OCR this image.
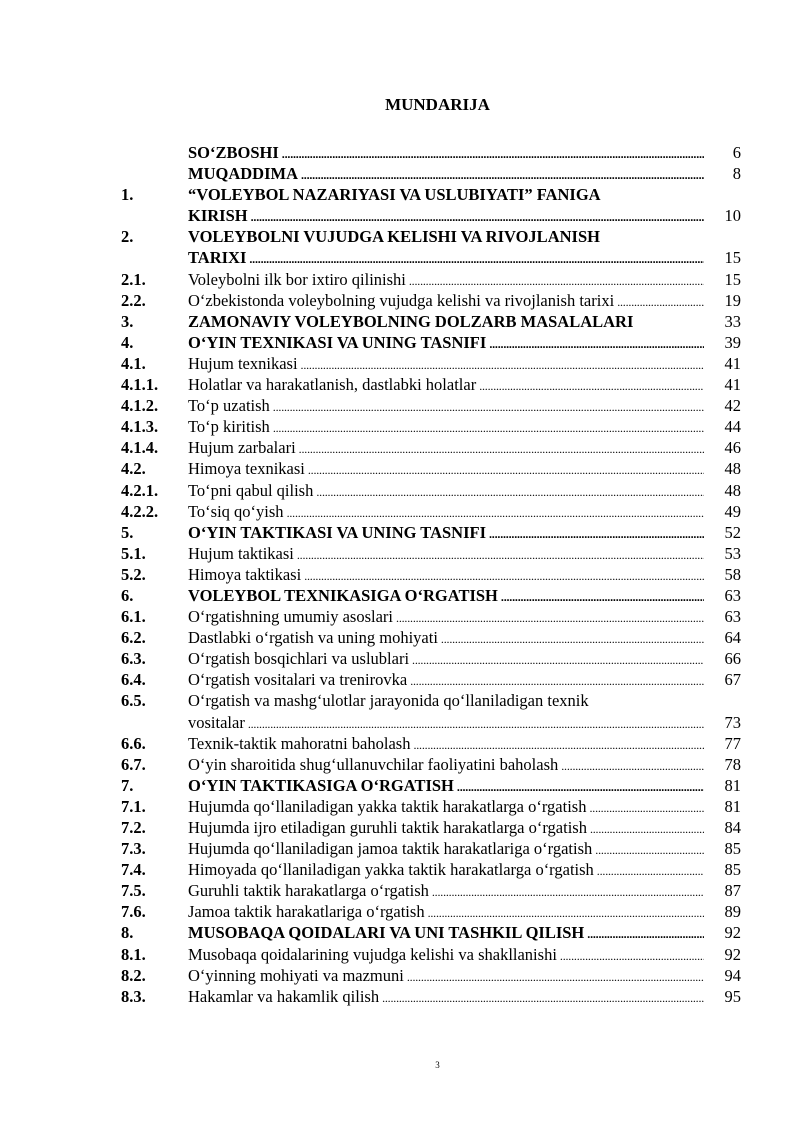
MUNDARIJA
SO‘ZBOSHI . . .	6
MUQADDIMA . . .	8
1.	“VOLEYBOL NAZARIYASI VA USLUBIYATI” FANIGA
KIRISH . . .	10
2.	VOLEYBOLNI VUJUDGA KELISHI VA RIVOJLANISH
TARIXI . . .	15
2.1.	Voleybolni ilk bor ixtiro qilinishi . . .	15
2.2.	O‘zbekistonda voleybolning vujudga kelishi va rivojlanish tarixi . . .	19
3.	ZAMONAVIY VOLEYBOLNING DOLZARB MASALALARI	33
4.	O‘YIN TEXNIKASI VA UNING TASNIFI . . .	39
4.1.	Hujum texnikasi . . .	41
4.1.1. Holatlar va harakatlanish, dastlabki holatlar . . .	41
4.1.2. To‘p uzatish . . .	42
4.1.3. To‘p kiritish . . .	44
4.1.4. Hujum zarbalari . . .	46
4.2.	Himoya texnikasi . . .	48
4.2.1. To‘pni qabul qilish . . .	48
4.2.2. To‘siq qo‘yish . . .	49
5.	O‘YIN TAKTIKASI VA UNING TASNIFI . . .	52
5.1.	Hujum taktikasi . . .	53
5.2.	Himoya taktikasi . . .	58
6.	VOLEYBOL TEXNIKASIGA O‘RGATISH . . .	63
6.1.	O‘rgatishning umumiy asoslari . . .	63
6.2.	Dastlabki o‘rgatish va uning mohiyati . . .	64
6.3.	O‘rgatish bosqichlari va uslublari . . .	66
6.4.	O‘rgatish vositalari va trenirovka . . .	67
6.5.	O‘rgatish va mashg‘ulotlar jarayonida qo‘llaniladigan texnik
vositalar . . .	73
6.6.	Texnik-taktik mahoratni baholash . . .	77
6.7.	O‘yin sharoitida shug‘ullanuvchilar faoliyatini baholash . . .	78
7.	O‘YIN TAKTIKASIGA O‘RGATISH . . .	81
7.1.	Hujumda qo‘llaniladigan yakka taktik harakatlarga o‘rgatish . . .	81
7.2.	Hujumda ijro etiladigan guruhli taktik harakatlarga o‘rgatish . . .	84
7.3.	Hujumda qo‘llaniladigan jamoa taktik harakatlariga o‘rgatish . . .	85
7.4.	Himoyada qo‘llaniladigan yakka taktik harakatlarga o‘rgatish . . .	85
7.5.	Guruhli taktik harakatlarga o‘rgatish . . .	87
7.6.	Jamoa taktik harakatlariga o‘rgatish . . .	89
8.	MUSOBAQA QOIDALARI VA UNI TASHKIL QILISH . . .	92
8.1.	Musobaqa qoidalarining vujudga kelishi va shakllanishi . . .	92
8.2.	O‘yinning mohiyati va mazmuni . . .	94
8.3.	Hakamlar va hakamlik qilish . . .	95
3
